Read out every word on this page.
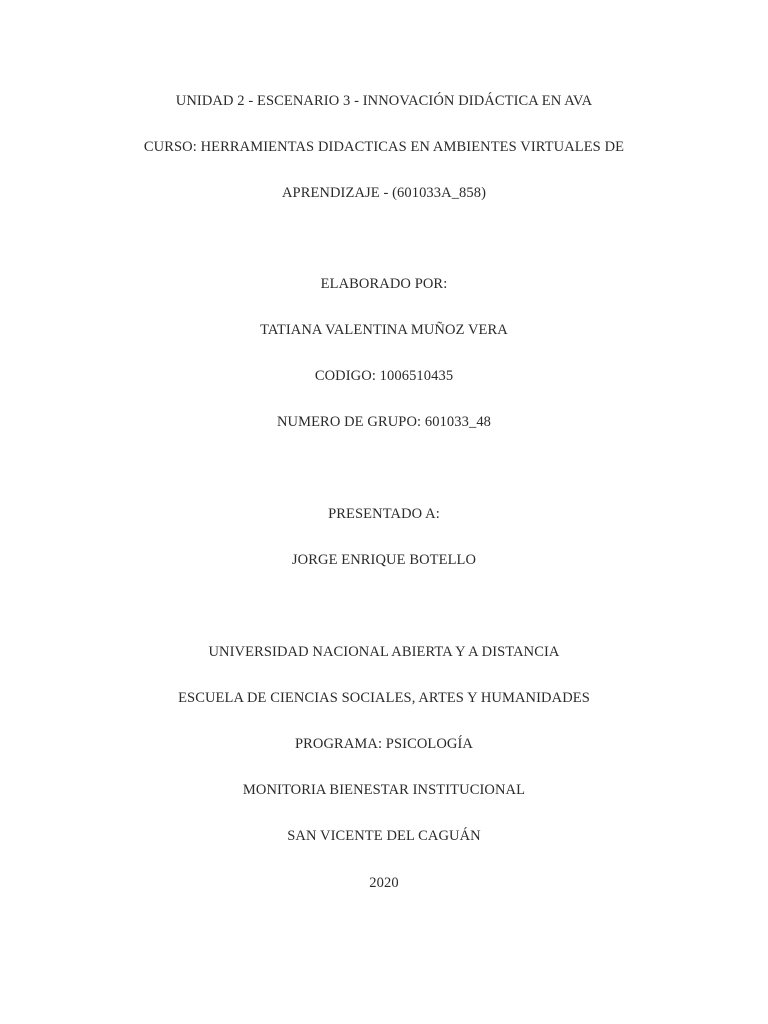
UNIDAD 2 - ESCENARIO 3 - INNOVACIÓN DIDÁCTICA EN AVA
CURSO: HERRAMIENTAS DIDACTICAS EN AMBIENTES VIRTUALES DE
APRENDIZAJE - (601033A_858)
ELABORADO POR:
TATIANA VALENTINA MUÑOZ VERA
CODIGO: 1006510435
NUMERO DE GRUPO: 601033_48
PRESENTADO A:
JORGE ENRIQUE BOTELLO
UNIVERSIDAD NACIONAL ABIERTA Y A DISTANCIA
ESCUELA DE CIENCIAS SOCIALES, ARTES Y HUMANIDADES
PROGRAMA: PSICOLOGÍA
MONITORIA BIENESTAR INSTITUCIONAL
SAN VICENTE DEL CAGUÁN
2020
